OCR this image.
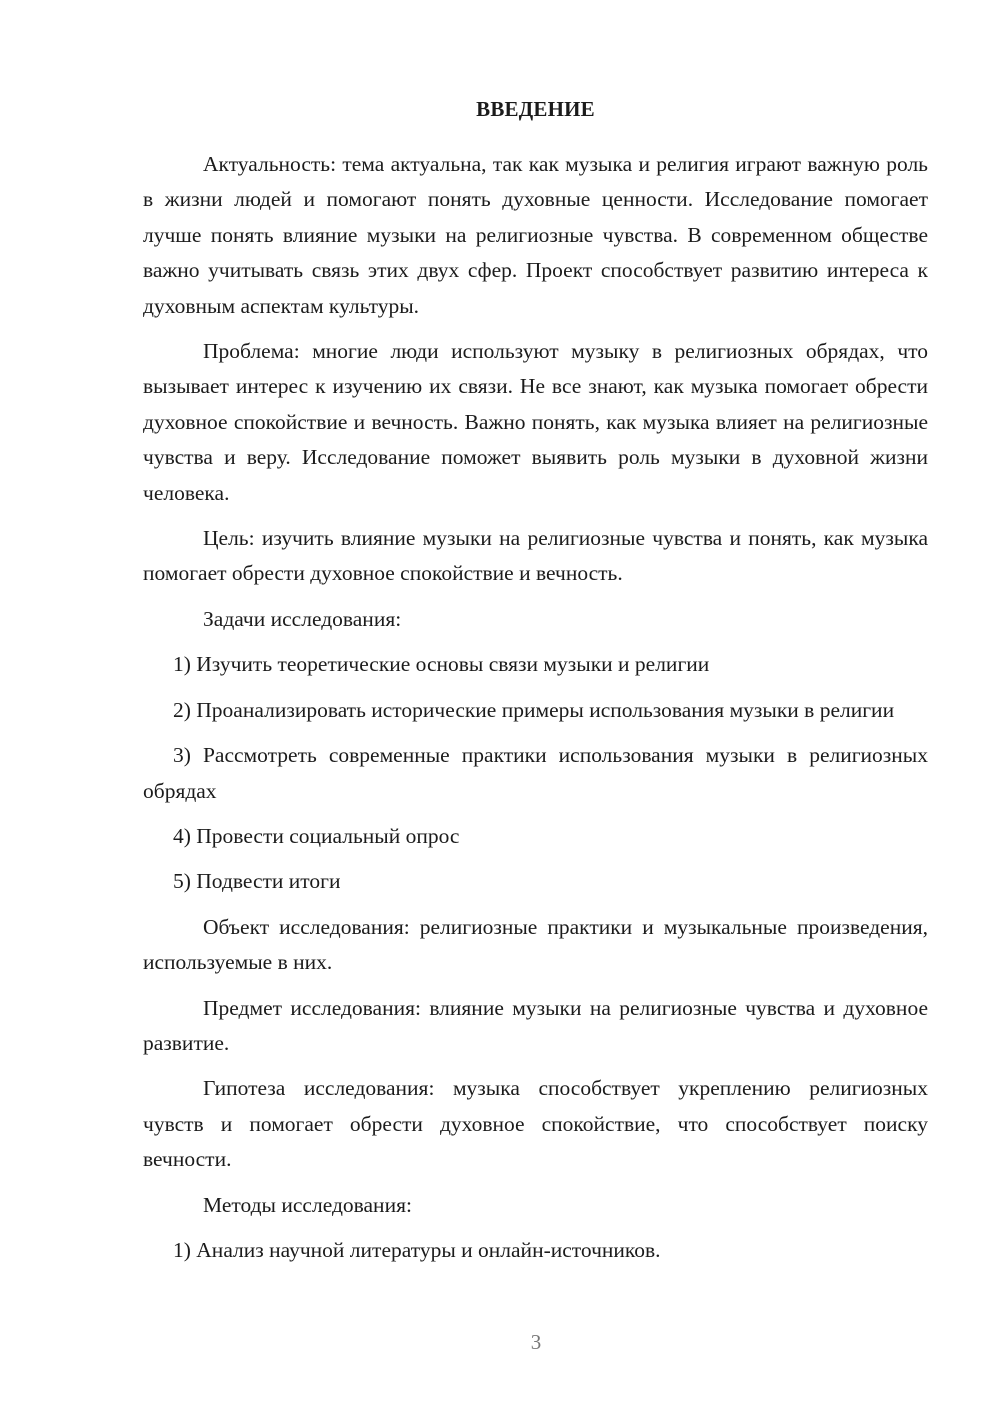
ВВЕДЕНИЕ

Актуальность: тема актуальна, так как музыка и религия играют важную роль в жизни людей и помогают понять духовные ценности. Исследование помогает лучше понять влияние музыки на религиозные чувства. В современном обществе важно учитывать связь этих двух сфер. Проект способствует развитию интереса к духовным аспектам культуры.

Проблема: многие люди используют музыку в религиозных обрядах, что вызывает интерес к изучению их связи. Не все знают, как музыка помогает обрести духовное спокойствие и вечность. Важно понять, как музыка влияет на религиозные чувства и веру. Исследование поможет выявить роль музыки в духовной жизни человека.

Цель: изучить влияние музыки на религиозные чувства и понять, как музыка помогает обрести духовное спокойствие и вечность.

Задачи исследования:

1) Изучить теоретические основы связи музыки и религии

2) Проанализировать исторические примеры использования музыки в религии

3) Рассмотреть современные практики использования музыки в религиозных обрядах

4) Провести социальный опрос

5) Подвести итоги

Объект исследования: религиозные практики и музыкальные произведения, используемые в них.

Предмет исследования: влияние музыки на религиозные чувства и духовное развитие.

Гипотеза исследования: музыка способствует укреплению религиозных чувств и помогает обрести духовное спокойствие, что способствует поиску вечности.

Методы исследования:

1) Анализ научной литературы и онлайн-источников.

3
